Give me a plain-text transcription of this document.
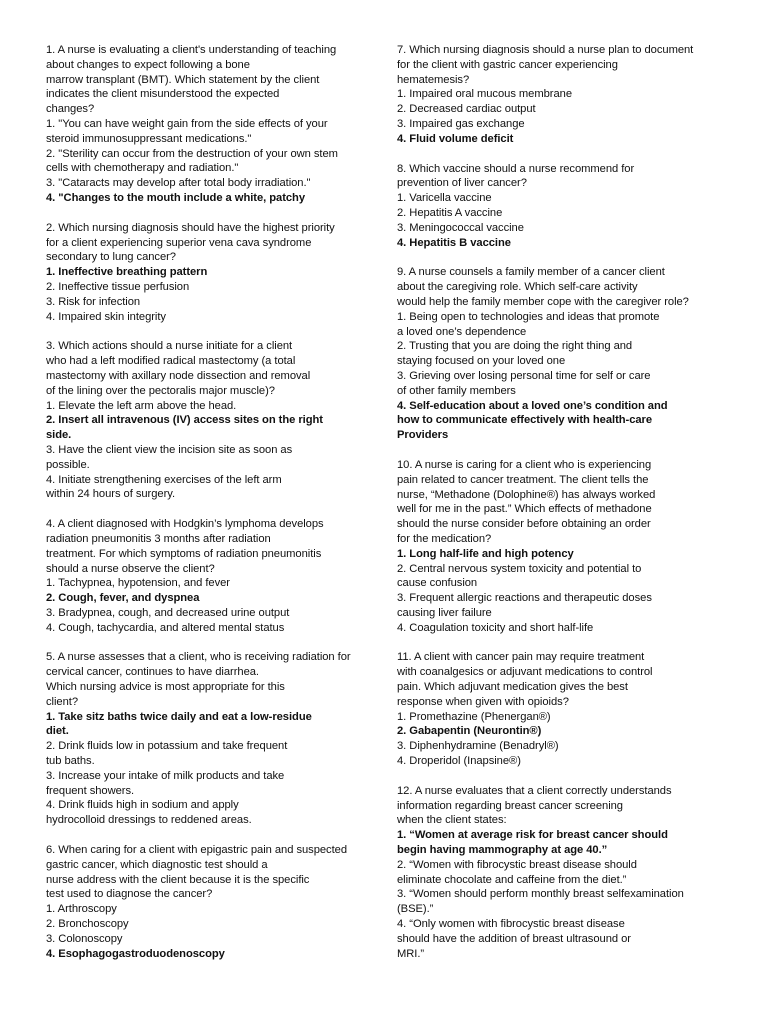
1. A nurse is evaluating a client's understanding of teaching
about changes to expect following a bone
marrow transplant (BMT). Which statement by the client
indicates the client misunderstood the expected
changes?
1. "You can have weight gain from the side effects of your
steroid immunosuppressant medications."
2. "Sterility can occur from the destruction of your own stem
cells with chemotherapy and radiation."
3. "Cataracts may develop after total body irradiation."
4. "Changes to the mouth include a white, patchy
2. Which nursing diagnosis should have the highest priority
for a client experiencing superior vena cava syndrome
secondary to lung cancer?
1. Ineffective breathing pattern
2. Ineffective tissue perfusion
3. Risk for infection
4. Impaired skin integrity
3. Which actions should a nurse initiate for a client
who had a left modified radical mastectomy (a total
mastectomy with axillary node dissection and removal
of the lining over the pectoralis major muscle)?
1. Elevate the left arm above the head.
2. Insert all intravenous (IV) access sites on the right
side.
3. Have the client view the incision site as soon as
possible.
4. Initiate strengthening exercises of the left arm
within 24 hours of surgery.
4. A client diagnosed with Hodgkin’s lymphoma develops
radiation pneumonitis 3 months after radiation
treatment. For which symptoms of radiation pneumonitis
should a nurse observe the client?
1. Tachypnea, hypotension, and fever
2. Cough, fever, and dyspnea
3. Bradypnea, cough, and decreased urine output
4. Cough, tachycardia, and altered mental status
5. A nurse assesses that a client, who is receiving radiation for
cervical cancer, continues to have diarrhea.
Which nursing advice is most appropriate for this
client?
1. Take sitz baths twice daily and eat a low-residue
diet.
2. Drink fluids low in potassium and take frequent
tub baths.
3. Increase your intake of milk products and take
frequent showers.
4. Drink fluids high in sodium and apply
hydrocolloid dressings to reddened areas.
6. When caring for a client with epigastric pain and suspected
gastric cancer, which diagnostic test should a
nurse address with the client because it is the specific
test used to diagnose the cancer?
1. Arthroscopy
2. Bronchoscopy
3. Colonoscopy
4. Esophagogastroduodenoscopy
7. Which nursing diagnosis should a nurse plan to document
for the client with gastric cancer experiencing
hematemesis?
1. Impaired oral mucous membrane
2. Decreased cardiac output
3. Impaired gas exchange
4. Fluid volume deficit
8. Which vaccine should a nurse recommend for
prevention of liver cancer?
1. Varicella vaccine
2. Hepatitis A vaccine
3. Meningococcal vaccine
4. Hepatitis B vaccine
9. A nurse counsels a family member of a cancer client
about the caregiving role. Which self-care activity
would help the family member cope with the caregiver role?
1. Being open to technologies and ideas that promote
a loved one’s dependence
2. Trusting that you are doing the right thing and
staying focused on your loved one
3. Grieving over losing personal time for self or care
of other family members
4. Self-education about a loved one’s condition and
how to communicate effectively with health-care
Providers
10. A nurse is caring for a client who is experiencing
pain related to cancer treatment. The client tells the
nurse, “Methadone (Dolophine®) has always worked
well for me in the past.” Which effects of methadone
should the nurse consider before obtaining an order
for the medication?
1. Long half-life and high potency
2. Central nervous system toxicity and potential to
cause confusion
3. Frequent allergic reactions and therapeutic doses
causing liver failure
4. Coagulation toxicity and short half-life
11. A client with cancer pain may require treatment
with coanalgesics or adjuvant medications to control
pain. Which adjuvant medication gives the best
response when given with opioids?
1. Promethazine (Phenergan®)
2. Gabapentin (Neurontin®)
3. Diphenhydramine (Benadryl®)
4. Droperidol (Inapsine®)
12. A nurse evaluates that a client correctly understands
information regarding breast cancer screening
when the client states:
1. “Women at average risk for breast cancer should
begin having mammography at age 40.”
2. “Women with fibrocystic breast disease should
eliminate chocolate and caffeine from the diet.”
3. “Women should perform monthly breast selfexamination
(BSE).”
4. “Only women with fibrocystic breast disease
should have the addition of breast ultrasound or
MRI.”
